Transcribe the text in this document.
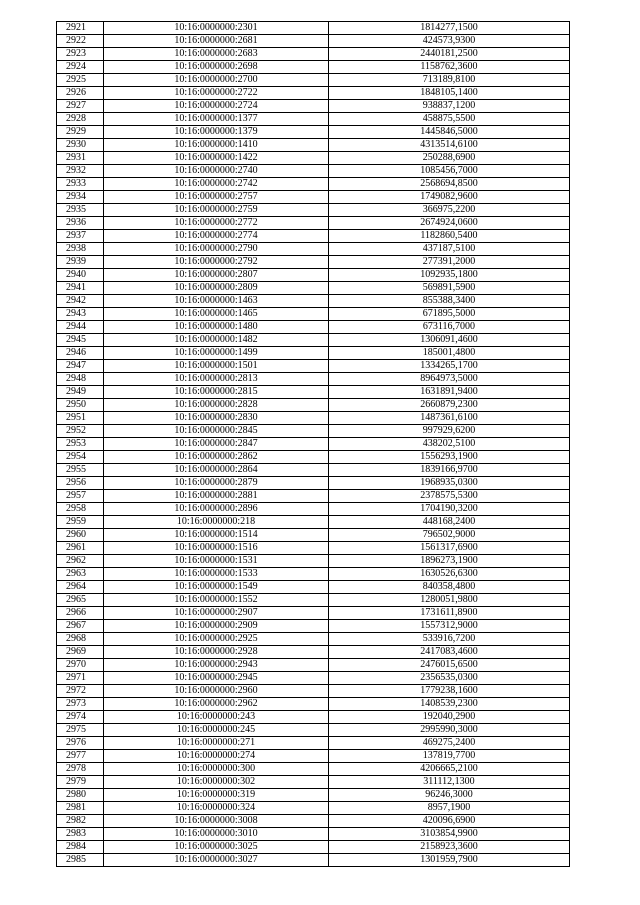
2921	10:16:0000000:2301	1814277,1500
2922	10:16:0000000:2681	424573,9300
2923	10:16:0000000:2683	2440181,2500
2924	10:16:0000000:2698	1158762,3600
2925	10:16:0000000:2700	713189,8100
2926	10:16:0000000:2722	1848105,1400
2927	10:16:0000000:2724	938837,1200
2928	10:16:0000000:1377	458875,5500
2929	10:16:0000000:1379	1445846,5000
2930	10:16:0000000:1410	4313514,6100
2931	10:16:0000000:1422	250288,6900
2932	10:16:0000000:2740	1085456,7000
2933	10:16:0000000:2742	2568694,8500
2934	10:16:0000000:2757	1749082,9600
2935	10:16:0000000:2759	366975,2200
2936	10:16:0000000:2772	2674924,0600
2937	10:16:0000000:2774	1182860,5400
2938	10:16:0000000:2790	437187,5100
2939	10:16:0000000:2792	277391,2000
2940	10:16:0000000:2807	1092935,1800
2941	10:16:0000000:2809	569891,5900
2942	10:16:0000000:1463	855388,3400
2943	10:16:0000000:1465	671895,5000
2944	10:16:0000000:1480	673116,7000
2945	10:16:0000000:1482	1306091,4600
2946	10:16:0000000:1499	185001,4800
2947	10:16:0000000:1501	1334265,1700
2948	10:16:0000000:2813	8964973,5000
2949	10:16:0000000:2815	1631891,9400
2950	10:16:0000000:2828	2660879,2300
2951	10:16:0000000:2830	1487361,6100
2952	10:16:0000000:2845	997929,6200
2953	10:16:0000000:2847	438202,5100
2954	10:16:0000000:2862	1556293,1900
2955	10:16:0000000:2864	1839166,9700
2956	10:16:0000000:2879	1968935,0300
2957	10:16:0000000:2881	2378575,5300
2958	10:16:0000000:2896	1704190,3200
2959	10:16:0000000:218	448168,2400
2960	10:16:0000000:1514	796502,9000
2961	10:16:0000000:1516	1561317,6900
2962	10:16:0000000:1531	1896273,1900
2963	10:16:0000000:1533	1630526,6300
2964	10:16:0000000:1549	840358,4800
2965	10:16:0000000:1552	1280051,9800
2966	10:16:0000000:2907	1731611,8900
2967	10:16:0000000:2909	1557312,9000
2968	10:16:0000000:2925	533916,7200
2969	10:16:0000000:2928	2417083,4600
2970	10:16:0000000:2943	2476015,6500
2971	10:16:0000000:2945	2356535,0300
2972	10:16:0000000:2960	1779238,1600
2973	10:16:0000000:2962	1408539,2300
2974	10:16:0000000:243	192040,2900
2975	10:16:0000000:245	2995990,3000
2976	10:16:0000000:271	469275,2400
2977	10:16:0000000:274	137819,7700
2978	10:16:0000000:300	4206665,2100
2979	10:16:0000000:302	311112,1300
2980	10:16:0000000:319	96246,3000
2981	10:16:0000000:324	8957,1900
2982	10:16:0000000:3008	420096,6900
2983	10:16:0000000:3010	3103854,9900
2984	10:16:0000000:3025	2158923,3600
2985	10:16:0000000:3027	1301959,7900
